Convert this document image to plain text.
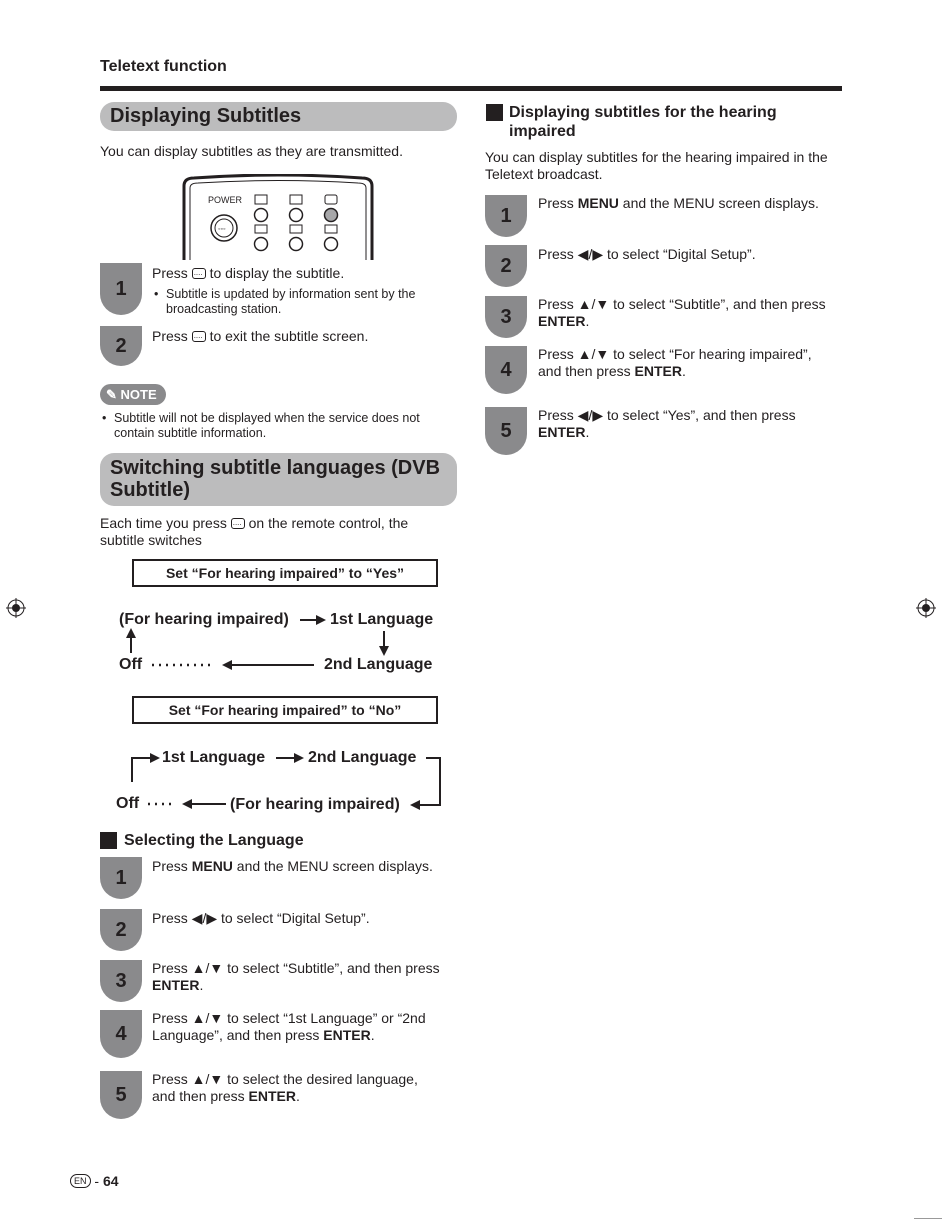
Teletext function
Displaying Subtitles
You can display subtitles as they are transmitted.
POWER
◦◦◦
1
Press .... to display the subtitle.
• Subtitle is updated by information sent by the broadcasting station.
2	Press .... to exit the subtitle screen.
✎ NOTE
• Subtitle will not be displayed when the service does not contain subtitle information.
Switching subtitle languages (DVB Subtitle)
Each time you press .... on the remote control, the subtitle switches
Set “For hearing impaired” to “Yes”
(For hearing impaired)	1st Language
2nd Language
Off
Set “For hearing impaired” to “No”
1st Language	2nd Language
(For hearing impaired)
Off
Selecting the Language
1
Press MENU and the MENU screen displays.
2
Press ◀/▶ to select “Digital Setup”.
3
Press ▲/▼ to select “Subtitle”, and then press
ENTER.
4
Press ▲/▼ to select “1st Language” or “2nd
Language”, and then press ENTER.
5
Press ▲/▼ to select the desired language,
and then press ENTER.
Displaying subtitles for the hearing impaired
You can display subtitles for the hearing impaired in the Teletext broadcast.
1
Press MENU and the MENU screen displays.
2
Press ◀/▶ to select “Digital Setup”.
3
Press ▲/▼ to select “Subtitle”, and then press
ENTER.
4
Press ▲/▼ to select “For hearing impaired”,
and then press ENTER.
5
Press ◀/▶ to select “Yes”, and then press
ENTER.
EN - 64
